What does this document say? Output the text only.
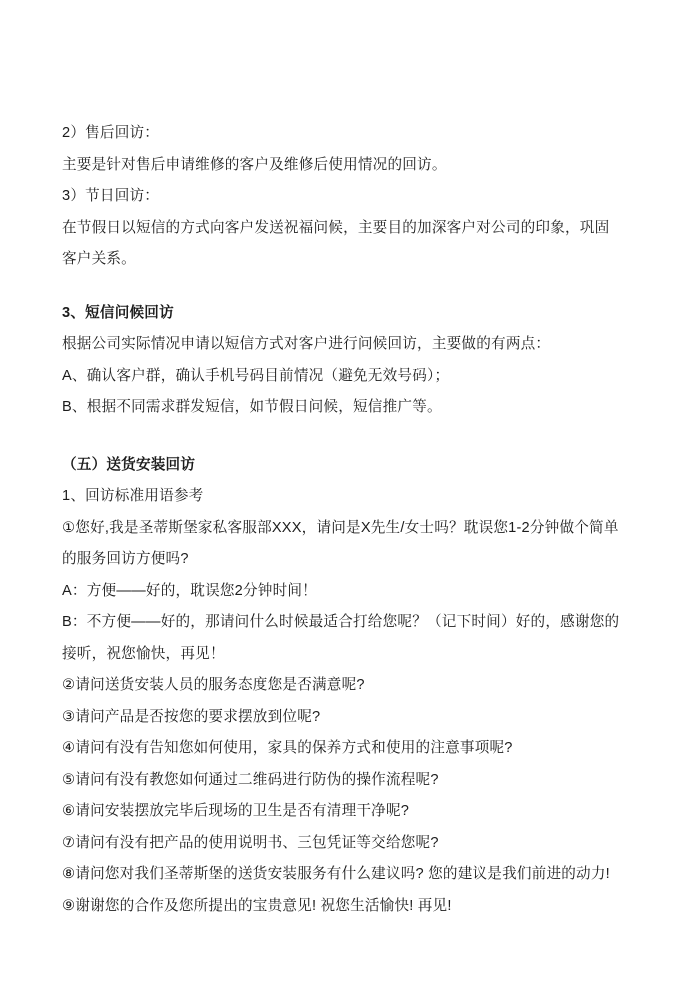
2）售后回访：

主要是针对售后申请维修的客户及维修后使用情况的回访。

3）节日回访：

在节假日以短信的方式向客户发送祝福问候，主要目的加深客户对公司的印象，巩固客户关系。

3、短信问候回访

根据公司实际情况申请以短信方式对客户进行问候回访，主要做的有两点：

A、确认客户群，确认手机号码目前情况（避免无效号码）；

B、根据不同需求群发短信，如节假日问候，短信推广等。

（五）送货安装回访

1、回访标准用语参考

①您好,我是圣蒂斯堡家私客服部XXX，请问是X先生/女士吗？耽误您1-2分钟做个简单的服务回访方便吗?

A：方便——好的，耽误您2分钟时间！

B：不方便——好的，那请问什么时候最适合打给您呢？（记下时间）好的，感谢您的接听，祝您愉快，再见！

②请问送货安装人员的服务态度您是否满意呢?

③请问产品是否按您的要求摆放到位呢?

④请问有没有告知您如何使用，家具的保养方式和使用的注意事项呢?

⑤请问有没有教您如何通过二维码进行防伪的操作流程呢?

⑥请问安装摆放完毕后现场的卫生是否有清理干净呢?

⑦请问有没有把产品的使用说明书、三包凭证等交给您呢?

⑧请问您对我们圣蒂斯堡的送货安装服务有什么建议吗? 您的建议是我们前进的动力!

⑨谢谢您的合作及您所提出的宝贵意见! 祝您生活愉快! 再见!
